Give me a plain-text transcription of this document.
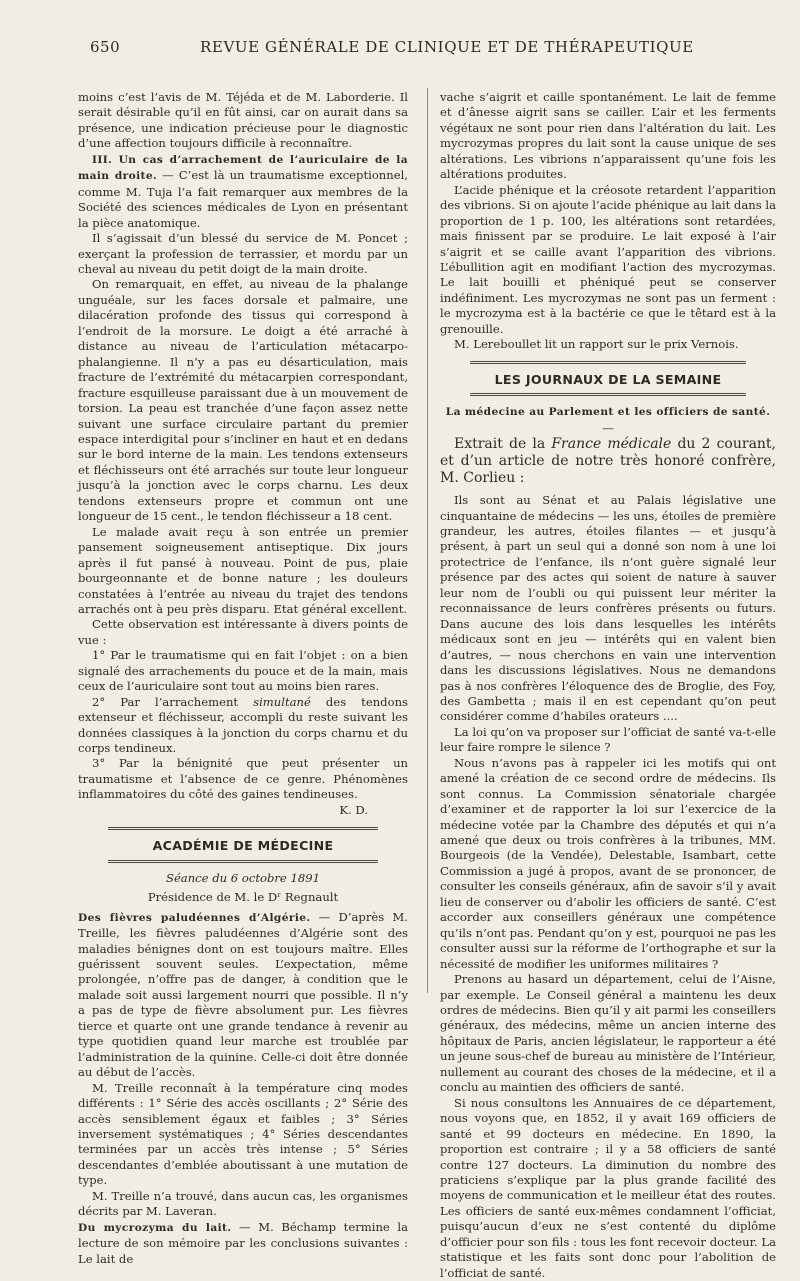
650	REVUE GÉNÉRALE DE CLINIQUE ET DE THÉRAPEUTIQUE

moins c’est l’avis de M. Téjéda et de M. Laborderie. Il serait désirable qu’il en fût ainsi, car on aurait dans sa présence, une indication précieuse pour le diagnostic d’une affection toujours difficile à reconnaître.

III. Un cas d’arrachement de l’auriculaire de la main droite. — C’est là un traumatisme exceptionnel, comme M. Tuja l’a fait remarquer aux membres de la Société des sciences médicales de Lyon en présentant la pièce anatomique.

Il s’agissait d’un blessé du service de M. Poncet ; exerçant la profession de terrassier, et mordu par un cheval au niveau du petit doigt de la main droite.

On remarquait, en effet, au niveau de la phalange unguéale, sur les faces dorsale et palmaire, une dilacération profonde des tissus qui correspond à l’endroit de la morsure. Le doigt a été arraché à distance au niveau de l’articulation métacarpo-phalangienne. Il n’y a pas eu désarticulation, mais fracture de l’extrémité du métacarpien correspondant, fracture esquilleuse paraissant due à un mouvement de torsion. La peau est tranchée d’une façon assez nette suivant une surface circulaire partant du premier espace interdigital pour s’incliner en haut et en dedans sur le bord interne de la main. Les tendons extenseurs et fléchisseurs ont été arrachés sur toute leur longueur jusqu’à la jonction avec le corps charnu. Les deux tendons extenseurs propre et commun ont une longueur de 15 cent., le tendon fléchisseur a 18 cent.

Le malade avait reçu à son entrée un premier pansement soigneusement antiseptique. Dix jours après il fut pansé à nouveau. Point de pus, plaie bourgeonnante et de bonne nature ; les douleurs constatées à l’entrée au niveau du trajet des tendons arrachés ont à peu près disparu. Etat général excellent.

Cette observation est intéressante à divers points de vue :

1° Par le traumatisme qui en fait l’objet : on a bien signalé des arrachements du pouce et de la main, mais ceux de l’auriculaire sont tout au moins bien rares.

2° Par l’arrachement simultané des tendons extenseur et fléchisseur, accompli du reste suivant les données classiques à la jonction du corps charnu et du corps tendineux.

3° Par la bénignité que peut présenter un traumatisme et l’absence de ce genre. Phénomènes inflammatoires du côté des gaines tendineuses.

K. D.

ACADÉMIE DE MÉDECINE
Séance du 6 octobre 1891
Présidence de M. le Dʳ Regnault

Des fièvres paludéennes d’Algérie. — D’après M. Treille, les fièvres paludéennes d’Algérie sont des maladies bénignes dont on est toujours maître. Elles guérissent souvent seules. L’expectation, même prolongée, n’offre pas de danger, à condition que le malade soit aussi largement nourri que possible. Il n’y a pas de type de fièvre absolument pur. Les fièvres tierce et quarte ont une grande tendance à revenir au type quotidien quand leur marche est troublée par l’administration de la quinine. Celle-ci doit être donnée au début de l’accès.

M. Treille reconnaît à la température cinq modes différents : 1° Série des accès oscillants ; 2° Série des accès sensiblement égaux et faibles ; 3° Séries inversement systématiques ; 4° Séries descendantes terminées par un accès très intense ; 5° Séries descendantes d’emblée aboutissant à une mutation de type.

M. Treille n’a trouvé, dans aucun cas, les organismes décrits par M. Laveran.

Du mycrozyma du lait. — M. Béchamp termine la lecture de son mémoire par les conclusions suivantes : Le lait de

vache s’aigrit et caille spontanément. Le lait de femme et d’ânesse aigrit sans se cailler. L’air et les ferments végétaux ne sont pour rien dans l’altération du lait. Les mycrozymas propres du lait sont la cause unique de ses altérations. Les vibrions n’apparaissent qu’une fois les altérations produites.

L’acide phénique et la créosote retardent l’apparition des vibrions. Si on ajoute l’acide phénique au lait dans la proportion de 1 p. 100, les altérations sont retardées, mais finissent par se produire. Le lait exposé à l’air s’aigrit et se caille avant l’apparition des vibrions. L’ébullition agit en modifiant l’action des mycrozymas. Le lait bouilli et phéniqué peut se conserver indéfiniment. Les mycrozymas ne sont pas un ferment : le mycrozyma est à la bactérie ce que le têtard est à la grenouille.

M. Lereboullet lit un rapport sur le prix Vernois.

LES JOURNAUX DE LA SEMAINE

La médecine au Parlement et les officiers de santé. —

Extrait de la France médicale du 2 courant, et d’un article de notre très honoré confrère, M. Corlieu :

Ils sont au Sénat et au Palais législative une cinquantaine de médecins — les uns, étoiles de première grandeur, les autres, étoiles filantes — et jusqu’à présent, à part un seul qui a donné son nom à une loi protectrice de l’enfance, ils n’ont guère signalé leur présence par des actes qui soient de nature à sauver leur nom de l’oubli ou qui puissent leur mériter la reconnaissance de leurs confrères présents ou futurs. Dans aucune des lois dans lesquelles les intérêts médicaux sont en jeu — intérêts qui en valent bien d’autres, — nous cherchons en vain une intervention dans les discussions législatives. Nous ne demandons pas à nos confrères l’éloquence des de Broglie, des Foy, des Gambetta ; mais il en est cependant qu’on peut considérer comme d’habiles orateurs ....

La loi qu’on va proposer sur l’officiat de santé va-t-elle leur faire rompre le silence ?

Nous n’avons pas à rappeler ici les motifs qui ont amené la création de ce second ordre de médecins. Ils sont connus. La Commission sénatoriale chargée d’examiner et de rapporter la loi sur l’exercice de la médecine votée par la Chambre des députés et qui n’a amené que deux ou trois confrères à la tribunes, MM. Bourgeois (de la Vendée), Delestable, Isambart, cette Commission a jugé à propos, avant de se prononcer, de consulter les conseils généraux, afin de savoir s’il y avait lieu de conserver ou d’abolir les officiers de santé. C’est accorder aux conseillers généraux une compétence qu’ils n’ont pas. Pendant qu’on y est, pourquoi ne pas les consulter aussi sur la réforme de l’orthographe et sur la nécessité de modifier les uniformes militaires ?

Prenons au hasard un département, celui de l’Aisne, par exemple. Le Conseil général a maintenu les deux ordres de médecins. Bien qu’il y ait parmi les conseillers généraux, des médecins, même un ancien interne des hôpitaux de Paris, ancien législateur, le rapporteur a été un jeune sous-chef de bureau au ministère de l’Intérieur, nullement au courant des choses de la médecine, et il a conclu au maintien des officiers de santé.

Si nous consultons les Annuaires de ce département, nous voyons que, en 1852, il y avait 169 officiers de santé et 99 docteurs en médecine. En 1890, la proportion est contraire ; il y a 58 officiers de santé contre 127 docteurs. La diminution du nombre des praticiens s’explique par la plus grande facilité des moyens de communication et le meilleur état des routes. Les officiers de santé eux-mêmes condamnent l’officiat, puisqu’aucun d’eux ne s’est contenté du diplôme d’officier pour son fils : tous les font recevoir docteur. La statistique et les faits sont donc pour l’abolition de l’officiat de santé.
